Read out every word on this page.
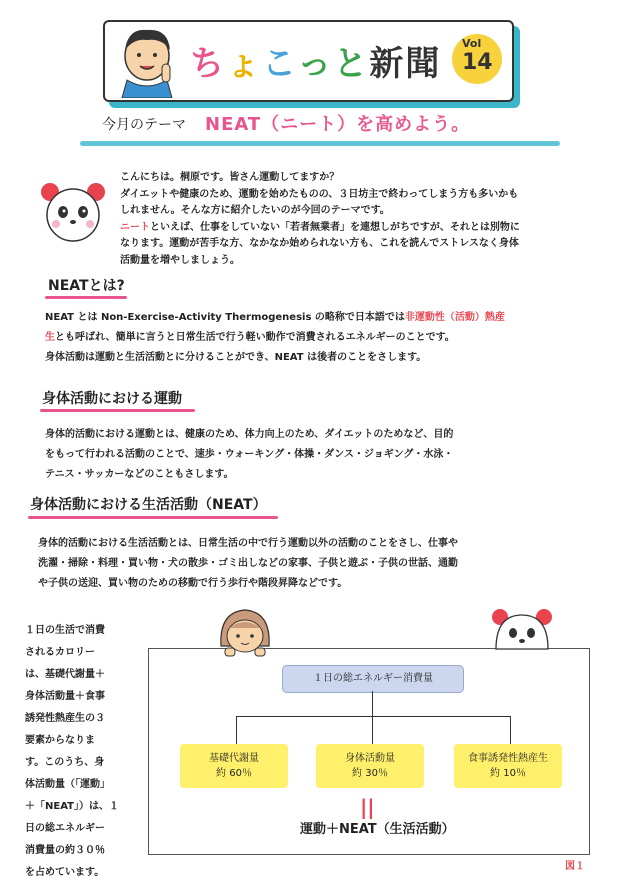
ちょこっと新聞
Vol
14
今月のテーマ NEAT（ニート）を高めよう。

こんにちは。桐原です。皆さん運動してますか？

ダイエットや健康のため、運動を始めたものの、３日坊主で終わってしまう方も多いかも

しれません。そんな方に紹介したいのが今回のテーマです。

ニートといえば、仕事をしていない「若者無業者」を連想しがちですが、それとは別物に

なります。運動が苦手な方、なかなか始められない方も、これを読んでストレスなく身体

活動量を増やしましょう。

NEATとは?

NEAT とは Non-Exercise-Activity Thermogenesis の略称で日本語では非運動性（活動）熱産

生とも呼ばれ、簡単に言うと日常生活で行う軽い動作で消費されるエネルギーのことです。

身体活動は運動と生活活動とに分けることができ、NEAT は後者のことをさします。

身体活動における運動

身体的活動における運動とは、健康のため、体力向上のため、ダイエットのためなど、目的

をもって行われる活動のことで、速歩・ウォーキング・体操・ダンス・ジョギング・水泳・

テニス・サッカーなどのこともさします。

身体活動における生活活動（NEAT）

身体的活動における生活活動とは、日常生活の中で行う運動以外の活動のことをさし、仕事や

洗濯・掃除・料理・買い物・犬の散歩・ゴミ出しなどの家事、子供と遊ぶ・子供の世話、通勤

や子供の送迎、買い物のための移動で行う歩行や階段昇降などです。

１日の生活で消費
されるカロリー
は、基礎代謝量＋
身体活動量＋食事
誘発性熱産生の３
要素からなりま
す。このうち、身
体活動量（「運動」
＋「NEAT」）は、１
日の総エネルギー
消費量の約３０％
を占めています。
１日の総エネルギー消費量
基礎代謝量
約 60％
身体活動量
約 30％
食事誘発性熱産生
約 10％
||
運動＋NEAT（生活活動）
図１
